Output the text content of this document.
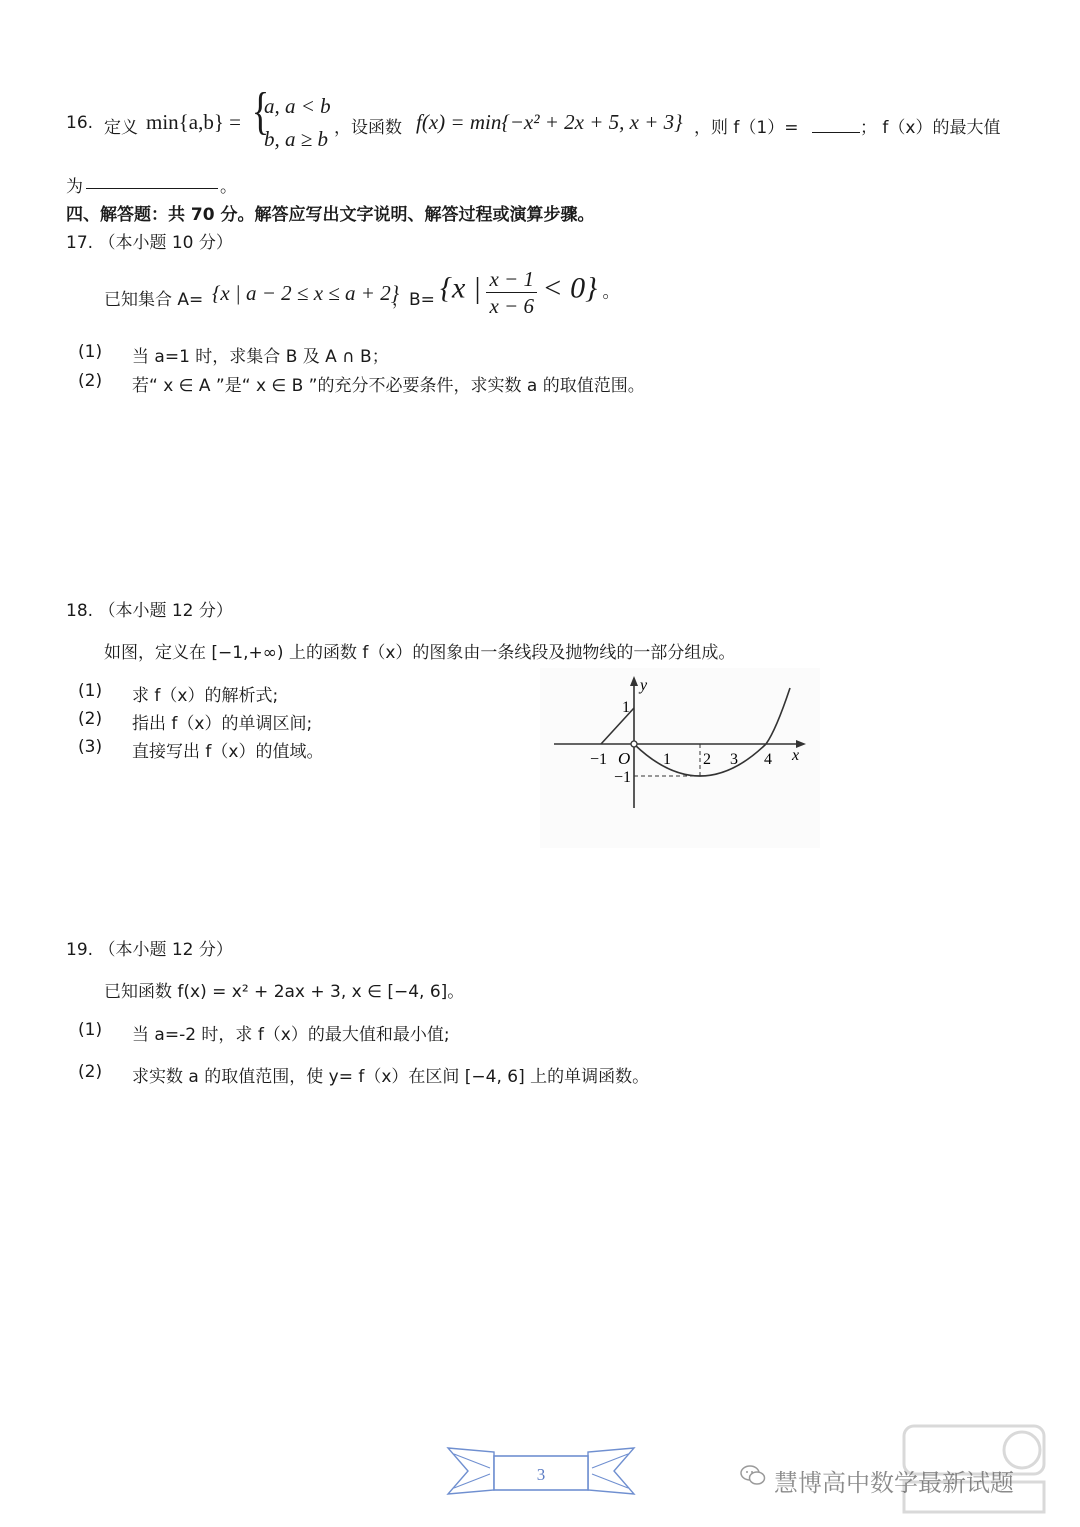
16. 定义 min{a,b} = {
a, a < b
b, a ≥ b ，设函数 f(x) = min{−x² + 2x + 5, x + 3} ，则 f（1）=	； f（x）的最大值
为	。
四、解答题：共 70 分。解答应写出文字说明、解答过程或演算步骤。
17. （本小题 10 分）
已知集合 A= {x | a − 2 ≤ x ≤ a + 2}
，B= {x | $\frac{x - 1}{x - 6} < 0$} 。
(1) 当 a=1 时，求集合 B 及 A ∩ B；
(2) 若“ x ∈ A ”是“ x ∈ B ”的充分不必要条件，求实数 a 的取值范围。
18. （本小题 12 分）
如图，定义在 [−1,+∞) 上的函数 f（x）的图象由一条线段及抛物线的一部分组成。
(1) 求 f（x）的解析式;
(2) 指出 f（x）的单调区间;
(3) 直接写出 f（x）的值域。
y
x
O
−1	1 2 3 4
1
−1
19. （本小题 12 分）
已知函数 f(x) = x² + 2ax + 3, x ∈ [−4, 6]。
(1) 当 a=-2 时，求 f（x）的最大值和最小值;
(2) 求实数 a 的取值范围，使 y= f（x）在区间 [−4, 6] 上的单调函数。
3	慧博高中数学最新试题
